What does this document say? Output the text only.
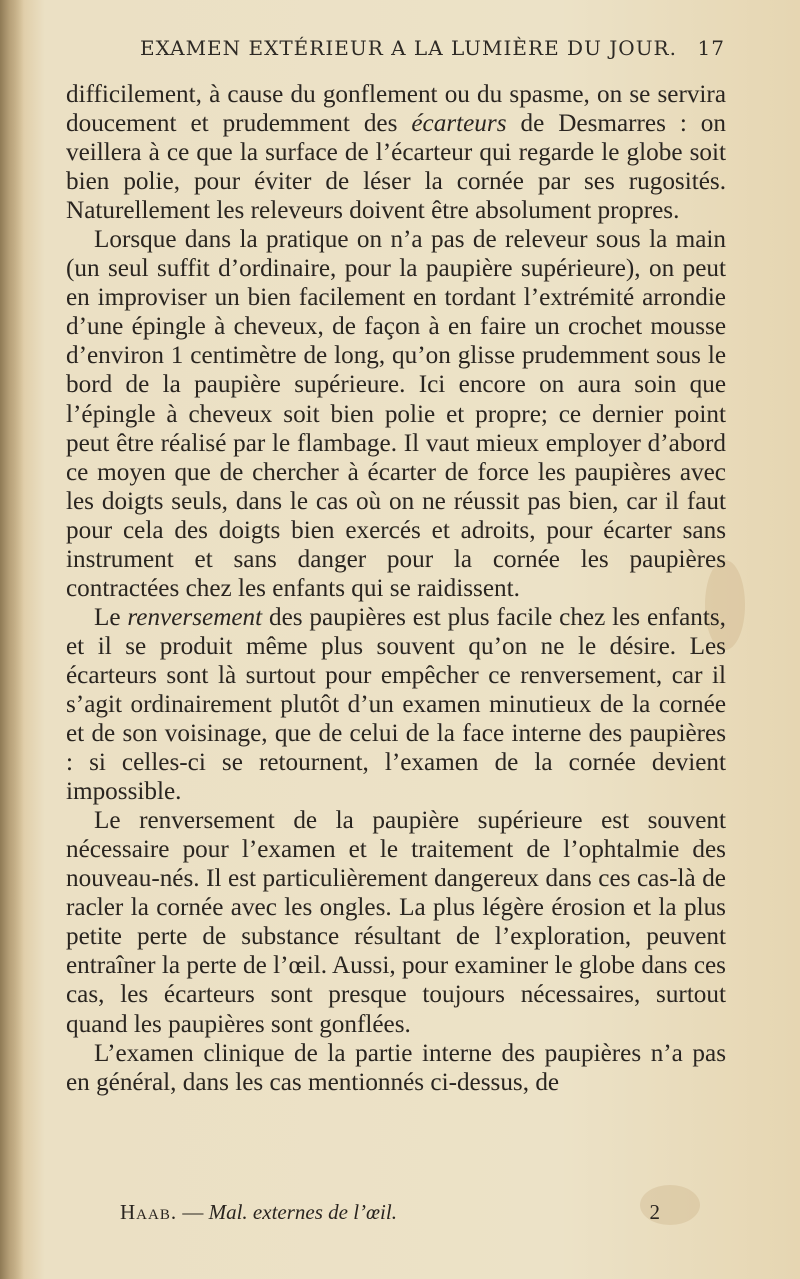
EXAMEN EXTÉRIEUR A LA LUMIÈRE DU JOUR. 17

difficilement, à cause du gonflement ou du spasme, on se servira doucement et prudemment des écarteurs de Desmarres : on veillera à ce que la surface de l’écarteur qui regarde le globe soit bien polie, pour éviter de léser la cornée par ses rugosités. Naturellement les releveurs doivent être absolument propres.

Lorsque dans la pratique on n’a pas de releveur sous la main (un seul suffit d’ordinaire, pour la paupière supérieure), on peut en improviser un bien facilement en tordant l’extrémité arrondie d’une épingle à cheveux, de façon à en faire un crochet mousse d’environ 1 centimètre de long, qu’on glisse prudemment sous le bord de la paupière supérieure. Ici encore on aura soin que l’épingle à cheveux soit bien polie et propre; ce dernier point peut être réalisé par le flambage. Il vaut mieux employer d’abord ce moyen que de chercher à écarter de force les paupières avec les doigts seuls, dans le cas où on ne réussit pas bien, car il faut pour cela des doigts bien exercés et adroits, pour écarter sans instrument et sans danger pour la cornée les paupières contractées chez les enfants qui se raidissent.

Le renversement des paupières est plus facile chez les enfants, et il se produit même plus souvent qu’on ne le désire. Les écarteurs sont là surtout pour empêcher ce renversement, car il s’agit ordinairement plutôt d’un examen minutieux de la cornée et de son voisinage, que de celui de la face interne des paupières : si celles-ci se retournent, l’examen de la cornée devient impossible.

Le renversement de la paupière supérieure est souvent nécessaire pour l’examen et le traitement de l’ophtalmie des nouveau-nés. Il est particulièrement dangereux dans ces cas-là de racler la cornée avec les ongles. La plus légère érosion et la plus petite perte de substance résultant de l’exploration, peuvent entraîner la perte de l’œil. Aussi, pour examiner le globe dans ces cas, les écarteurs sont presque toujours nécessaires, surtout quand les paupières sont gonflées.

L’examen clinique de la partie interne des paupières n’a pas en général, dans les cas mentionnés ci-dessus, de

Haab. — Mal. externes de l’œil.	2
